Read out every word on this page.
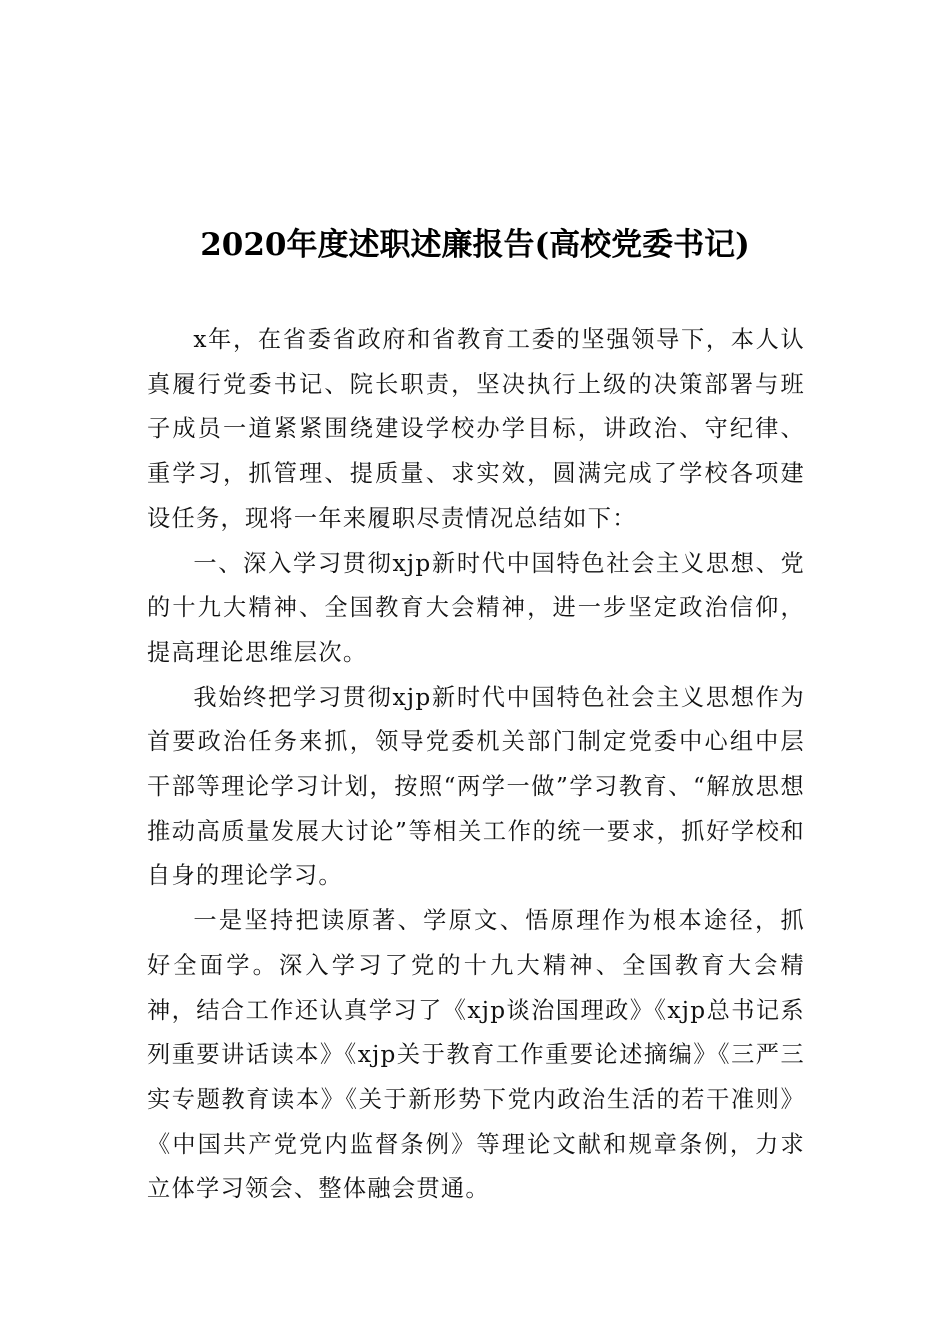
2020年度述职述廉报告(高校党委书记)

x年，在省委省政府和省教育工委的坚强领导下，本人认真履行党委书记、院长职责，坚决执行上级的决策部署与班子成员一道紧紧围绕建设学校办学目标，讲政治、守纪律、重学习，抓管理、提质量、求实效，圆满完成了学校各项建设任务，现将一年来履职尽责情况总结如下：

一、深入学习贯彻xjp新时代中国特色社会主义思想、党的十九大精神、全国教育大会精神，进一步坚定政治信仰，提高理论思维层次。

我始终把学习贯彻xjp新时代中国特色社会主义思想作为首要政治任务来抓，领导党委机关部门制定党委中心组中层干部等理论学习计划，按照“两学一做”学习教育、“解放思想推动高质量发展大讨论”等相关工作的统一要求，抓好学校和自身的理论学习。

一是坚持把读原著、学原文、悟原理作为根本途径，抓好全面学。深入学习了党的十九大精神、全国教育大会精神，结合工作还认真学习了《xjp谈治国理政》《xjp总书记系列重要讲话读本》《xjp关于教育工作重要论述摘编》《三严三实专题教育读本》《关于新形势下党内政治生活的若干准则》《中国共产党党内监督条例》等理论文献和规章条例，力求立体学习领会、整体融会贯通。
